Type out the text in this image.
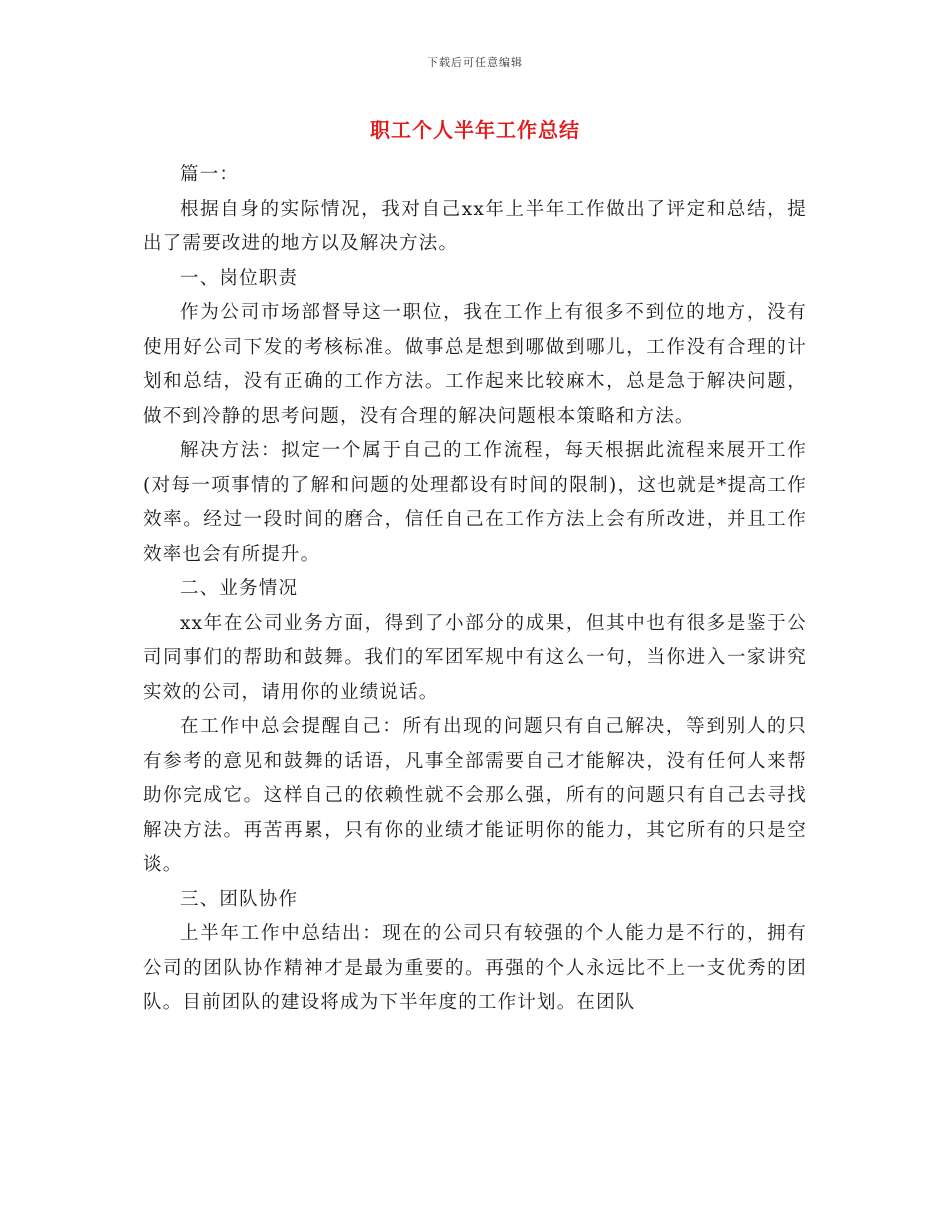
下载后可任意编辑
职工个人半年工作总结

篇一：

根据自身的实际情况，我对自己xx年上半年工作做出了评定和总结，提出了需要改进的地方以及解决方法。

一、岗位职责

作为公司市场部督导这一职位，我在工作上有很多不到位的地方，没有使用好公司下发的考核标准。做事总是想到哪做到哪儿，工作没有合理的计划和总结，没有正确的工作方法。工作起来比较麻木，总是急于解决问题，做不到冷静的思考问题，没有合理的解决问题根本策略和方法。

解决方法：拟定一个属于自己的工作流程，每天根据此流程来展开工作(对每一项事情的了解和问题的处理都设有时间的限制)，这也就是*提高工作效率。经过一段时间的磨合，信任自己在工作方法上会有所改进，并且工作效率也会有所提升。

二、业务情况

xx年在公司业务方面，得到了小部分的成果，但其中也有很多是鉴于公司同事们的帮助和鼓舞。我们的军团军规中有这么一句，当你进入一家讲究实效的公司，请用你的业绩说话。

在工作中总会提醒自己：所有出现的问题只有自己解决，等到别人的只有参考的意见和鼓舞的话语，凡事全部需要自己才能解决，没有任何人来帮助你完成它。这样自己的依赖性就不会那么强，所有的问题只有自己去寻找解决方法。再苦再累，只有你的业绩才能证明你的能力，其它所有的只是空谈。

三、团队协作

上半年工作中总结出：现在的公司只有较强的个人能力是不行的，拥有公司的团队协作精神才是最为重要的。再强的个人永远比不上一支优秀的团队。目前团队的建设将成为下半年度的工作计划。在团队
